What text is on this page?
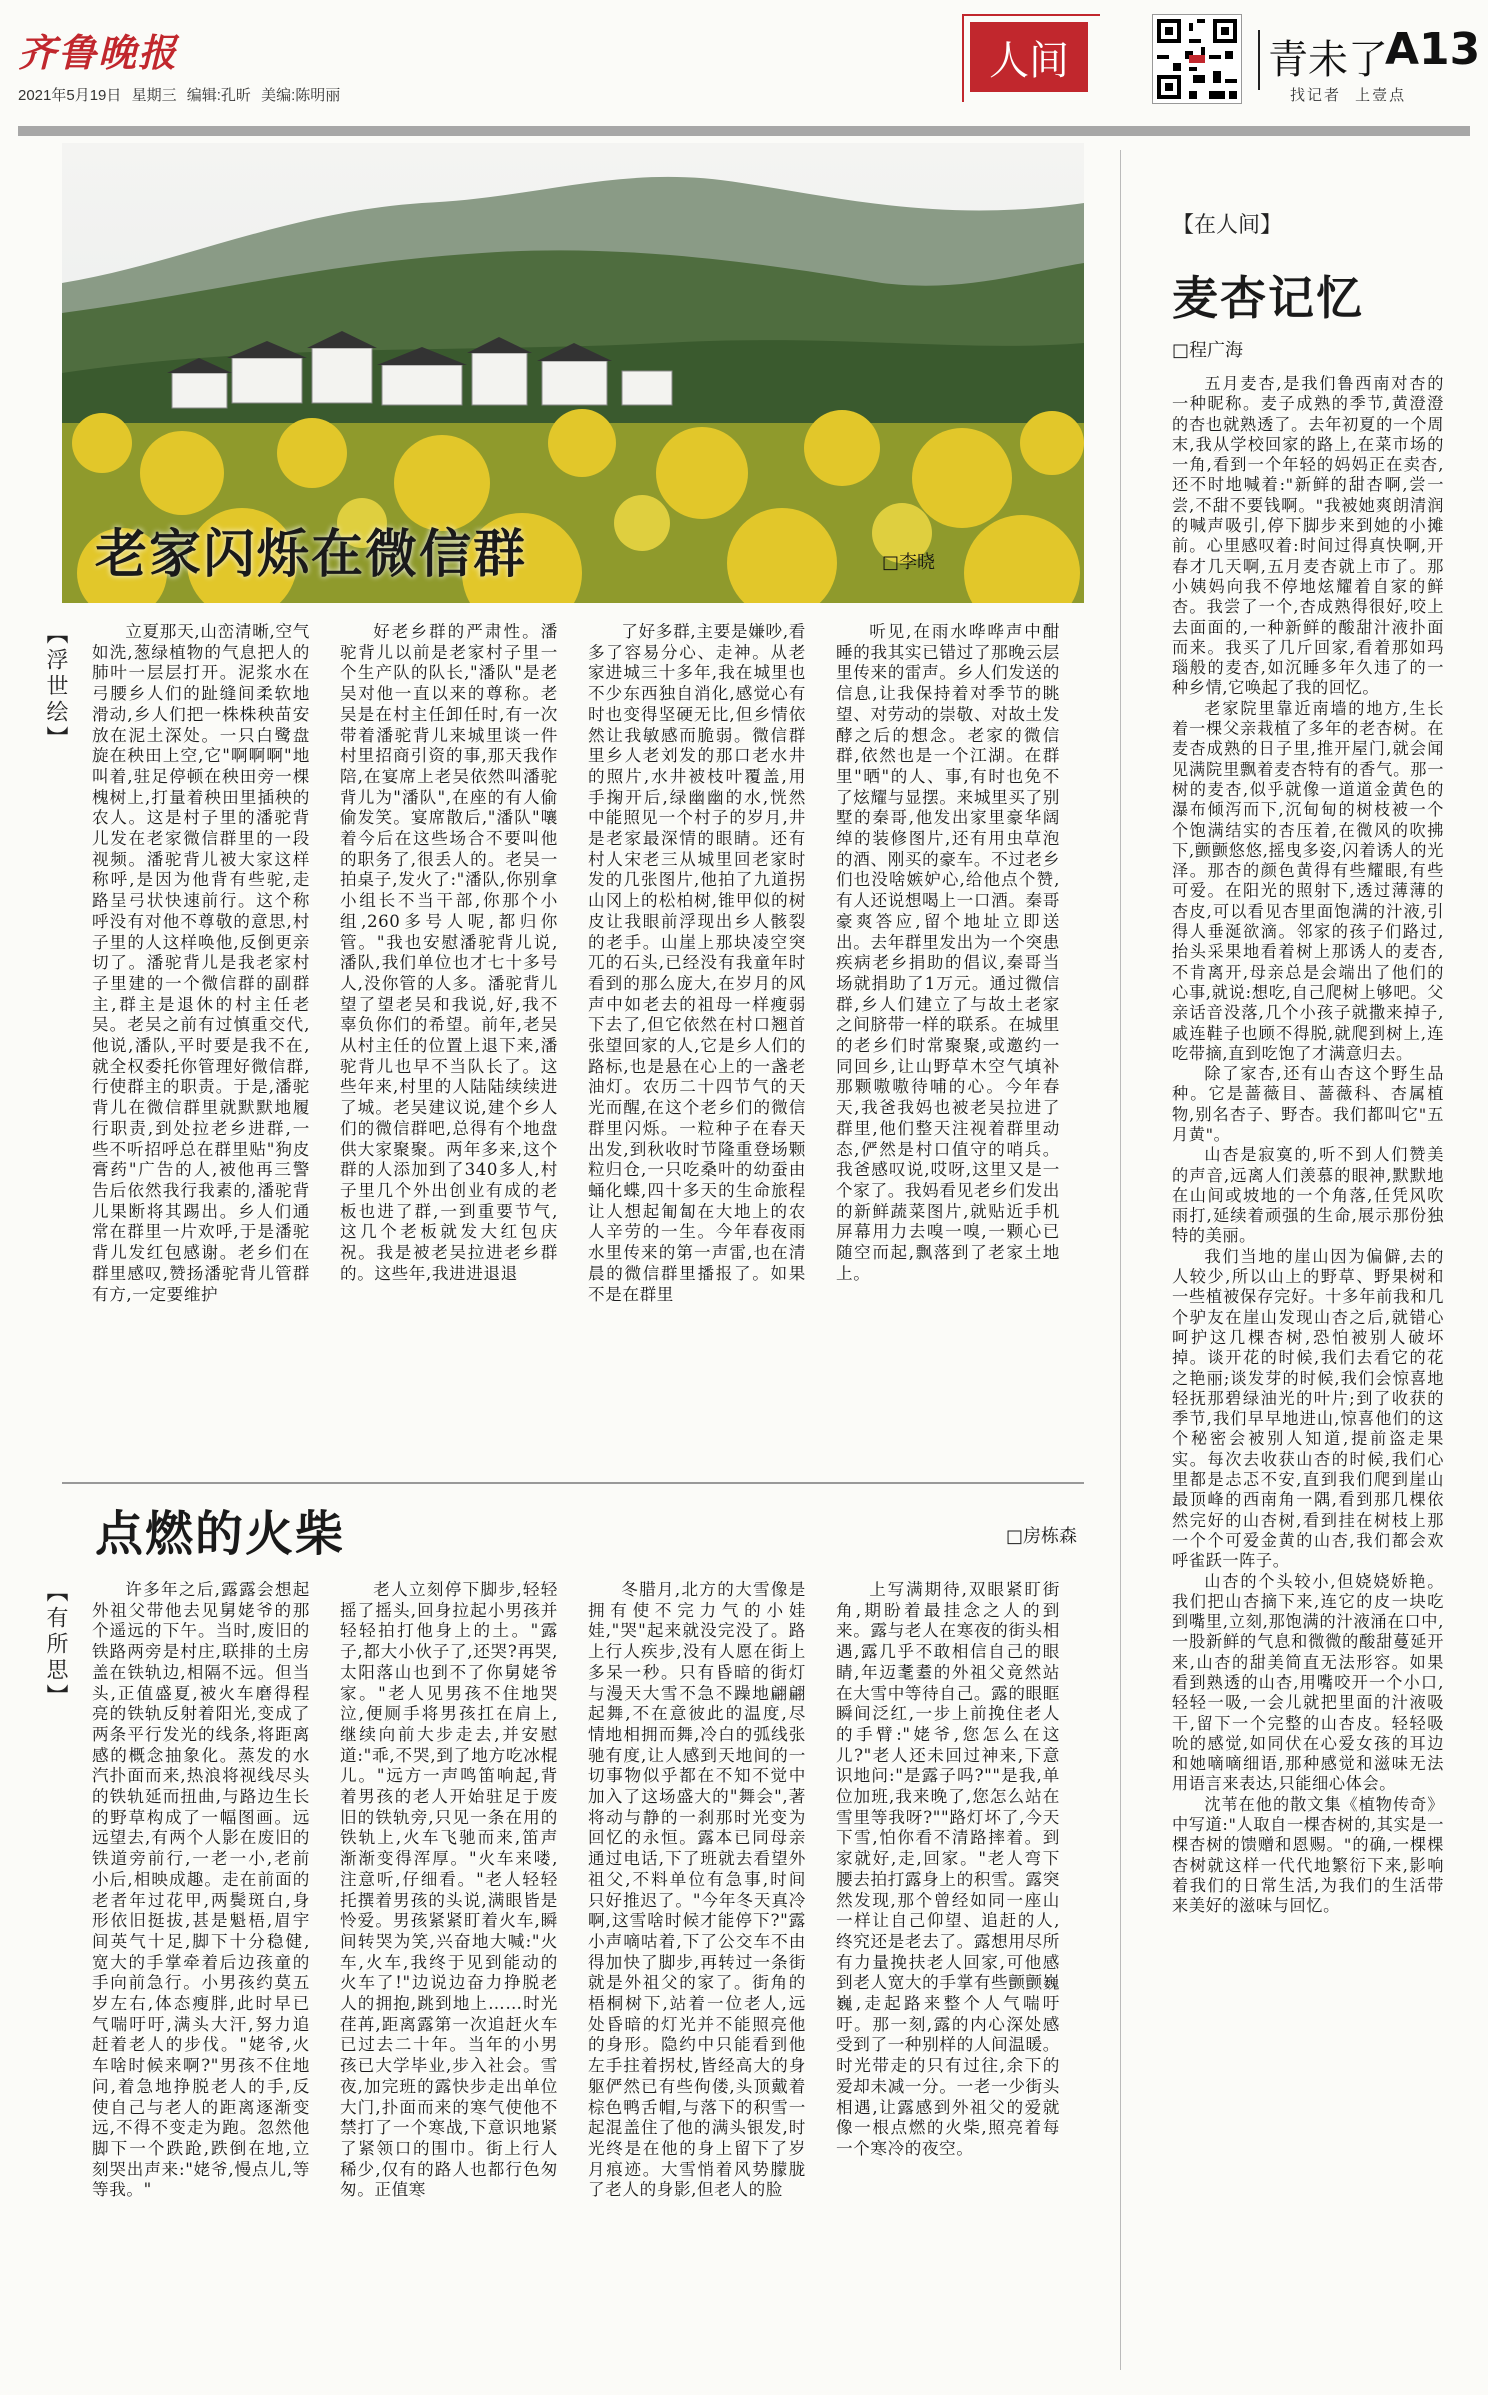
齐鲁晚报
2021年5月19日 星期三 编辑:孔昕 美编:陈明丽
人间	青未了
A13
找记者 上壹点
老家闪烁在微信群	□李晓
【浮世绘】	立夏那天,山峦清晰,空气如洗,葱绿植物的气息把人的肺叶一层层打开。泥浆水在弓腰乡人们的趾缝间柔软地滑动,乡人们把一株株秧苗安放在泥土深处。一只白鹭盘旋在秧田上空,它"啊啊啊"地叫着,驻足停顿在秧田旁一棵槐树上,打量着秧田里插秧的农人。这是村子里的潘驼背儿发在老家微信群里的一段视频。潘驼背儿被大家这样称呼,是因为他背有些驼,走路呈弓状快速前行。这个称呼没有对他不尊敬的意思,村子里的人这样唤他,反倒更亲切了。潘驼背儿是我老家村子里建的一个微信群的副群主,群主是退休的村主任老吴。老吴之前有过慎重交代,他说,潘队,平时要是我不在,就全权委托你管理好微信群,行使群主的职责。于是,潘驼背儿在微信群里就默默地履行职责,到处拉老乡进群,一些不听招呼总在群里贴"狗皮膏药"广告的人,被他再三警告后依然我行我素的,潘驼背儿果断将其踢出。乡人们通常在群里一片欢呼,于是潘驼背儿发红包感谢。老乡们在群里感叹,赞扬潘驼背儿管群有方,一定要维护

好老乡群的严肃性。潘驼背儿以前是老家村子里一个生产队的队长,"潘队"是老吴对他一直以来的尊称。老吴是在村主任卸任时,有一次带着潘驼背儿来城里谈一件村里招商引资的事,那天我作陪,在宴席上老吴依然叫潘驼背儿为"潘队",在座的有人偷偷发笑。宴席散后,"潘队"嚷着今后在这些场合不要叫他的职务了,很丢人的。老吴一拍桌子,发火了:"潘队,你别拿小组长不当干部,你那个小组,260多号人呢,都归你管。"我也安慰潘驼背儿说,潘队,我们单位也才七十多号人,没你管的人多。潘驼背儿望了望老吴和我说,好,我不辜负你们的希望。前年,老吴从村主任的位置上退下来,潘驼背儿也早不当队长了。这些年来,村里的人陆陆续续进了城。老吴建议说,建个乡人们的微信群吧,总得有个地盘供大家聚聚。两年多来,这个群的人添加到了340多人,村子里几个外出创业有成的老板也进了群,一到重要节气,这几个老板就发大红包庆祝。我是被老吴拉进老乡群的。这些年,我进进退退

了好多群,主要是嫌吵,看多了容易分心、走神。从老家进城三十多年,我在城里也不少东西独自消化,感觉心有时也变得坚硬无比,但乡情依然让我敏感而脆弱。微信群里乡人老刘发的那口老水井的照片,水井被枝叶覆盖,用手掬开后,绿幽幽的水,恍然中能照见一个村子的岁月,井是老家最深情的眼睛。还有村人宋老三从城里回老家时发的几张图片,他拍了九道拐山冈上的松柏树,锥甲似的树皮让我眼前浮现出乡人骸裂的老手。山崖上那块凌空突兀的石头,已经没有我童年时看到的那么庞大,在岁月的风声中如老去的祖母一样瘦弱下去了,但它依然在村口翘首张望回家的人,它是乡人们的路标,也是悬在心上的一盏老油灯。农历二十四节气的天光而醒,在这个老乡们的微信群里闪烁。一粒种子在春天出发,到秋收时节隆重登场颗粒归仓,一只吃桑叶的幼蚕由蛹化蝶,四十多天的生命旅程让人想起匍匐在大地上的农人辛劳的一生。今年春夜雨水里传来的第一声雷,也在清晨的微信群里播报了。如果不是在群里

听见,在雨水哗哗声中酣睡的我其实已错过了那晚云层里传来的雷声。乡人们发送的信息,让我保持着对季节的眺望、对劳动的崇敬、对故土发酵之后的想念。老家的微信群,依然也是一个江湖。在群里"晒"的人、事,有时也免不了炫耀与显摆。来城里买了别墅的秦哥,他发出家里豪华阔绰的装修图片,还有用虫草泡的酒、刚买的豪车。不过老乡们也没啥嫉妒心,给他点个赞,有人还说想喝上一口酒。秦哥豪爽答应,留个地址立即送出。去年群里发出为一个突患疾病老乡捐助的倡议,秦哥当场就捐助了1万元。通过微信群,乡人们建立了与故土老家之间脐带一样的联系。在城里的老乡们时常聚聚,或邀约一同回乡,让山野草木空气填补那颗嗷嗷待哺的心。今年春天,我爸我妈也被老吴拉进了群里,他们整天注视着群里动态,俨然是村口值守的哨兵。我爸感叹说,哎呀,这里又是一个家了。我妈看见老乡们发出的新鲜蔬菜图片,就贴近手机屏幕用力去嗅一嗅,一颗心已随空而起,飘落到了老家土地上。

点燃的火柴	□房栋森
【有所思】	许多年之后,露露会想起外祖父带他去见舅姥爷的那个遥远的下午。当时,废旧的铁路两旁是村庄,联排的土房盖在铁轨边,相隔不远。但当头,正值盛夏,被火车磨得程亮的铁轨反射着阳光,变成了两条平行发光的线条,将距离感的概念抽象化。蒸发的水汽扑面而来,热浪将视线尽头的铁轨延而扭曲,与路边生长的野草构成了一幅图画。远远望去,有两个人影在废旧的铁道旁前行,一老一小,老前小后,相映成趣。走在前面的老者年过花甲,两鬓斑白,身形依旧挺拔,甚是魁梧,眉宇间英气十足,脚下十分稳健,宽大的手掌牵着后边孩童的手向前急行。小男孩约莫五岁左右,体态瘦胖,此时早已气喘吁吁,满头大汗,努力追赶着老人的步伐。"姥爷,火车啥时候来啊?"男孩不住地问,着急地挣脱老人的手,反使自己与老人的距离逐渐变远,不得不变走为跑。忽然他脚下一个跌跄,跌倒在地,立刻哭出声来:"姥爷,慢点儿,等等我。"

老人立刻停下脚步,轻轻摇了摇头,回身拉起小男孩并轻轻拍打他身上的土。"露子,都大小伙子了,还哭?再哭,太阳落山也到不了你舅姥爷家。"老人见男孩不住地哭泣,便厕手将男孩扛在肩上,继续向前大步走去,并安慰道:"乖,不哭,到了地方吃冰棍儿。"远方一声鸣笛响起,背着男孩的老人开始驻足于废旧的铁轨旁,只见一条在用的铁轨上,火车飞驰而来,笛声渐渐变得浑厚。"火车来喽,注意听,仔细看。"老人轻轻托撰着男孩的头说,满眼皆是怜爱。男孩紧紧盯着火车,瞬间转哭为笑,兴奋地大喊:"火车,火车,我终于见到能动的火车了!"边说边奋力挣脱老人的拥抱,跳到地上……时光荏苒,距离露第一次追赶火车已过去二十年。当年的小男孩已大学毕业,步入社会。雪夜,加完班的露快步走出单位大门,扑面而来的寒气使他不禁打了一个寒战,下意识地紧了紧领口的围巾。街上行人稀少,仅有的路人也都行色匆匆。正值寒

冬腊月,北方的大雪像是拥有使不完力气的小娃娃,"哭"起来就没完没了。路上行人疾步,没有人愿在街上多呆一秒。只有昏暗的街灯与漫天大雪不急不躁地翩翩起舞,不在意彼此的温度,尽情地相拥而舞,冷白的弧线张驰有度,让人感到天地间的一切事物似乎都在不知不觉中加入了这场盛大的"舞会",著将动与静的一刹那时光变为回忆的永恒。露本已同母亲通过电话,下了班就去看望外祖父,不料单位有急事,时间只好推迟了。"今年冬天真冷啊,这雪啥时候才能停下?"露小声嘀咕着,下了公交车不由得加快了脚步,再转过一条街就是外祖父的家了。街角的梧桐树下,站着一位老人,远处昏暗的灯光并不能照亮他的身形。隐约中只能看到他左手拄着拐杖,皆经高大的身躯俨然已有些佝偻,头顶戴着棕色鸭舌帽,与落下的积雪一起混盖住了他的满头银发,时光终是在他的身上留下了岁月痕迹。大雪悄着风势朦胧了老人的身影,但老人的脸

上写满期待,双眼紧盯街角,期盼着最挂念之人的到来。露与老人在寒夜的街头相遇,露几乎不敢相信自己的眼睛,年迈耄耋的外祖父竟然站在大雪中等待自己。露的眼眶瞬间泛红,一步上前挽住老人的手臂:"姥爷,您怎么在这儿?"老人还未回过神来,下意识地问:"是露子吗?""是我,单位加班,我来晚了,您怎么站在雪里等我呀?""路灯坏了,今天下雪,怕你看不清路摔着。到家就好,走,回家。"老人弯下腰去拍打露身上的积雪。露突然发现,那个曾经如同一座山一样让自己仰望、追赶的人,终究还是老去了。露想用尽所有力量挽扶老人回家,可他感到老人宽大的手掌有些颤颤巍巍,走起路来整个人气喘吁吁。那一刻,露的内心深处感受到了一种别样的人间温暖。时光带走的只有过往,余下的爱却未减一分。一老一少街头相遇,让露感到外祖父的爱就像一根点燃的火柴,照亮着每一个寒冷的夜空。

【在人间】
麦杏记忆
□程广海

五月麦杏,是我们鲁西南对杏的一种昵称。麦子成熟的季节,黄澄澄的杏也就熟透了。去年初夏的一个周末,我从学校回家的路上,在菜市场的一角,看到一个年轻的妈妈正在卖杏,还不时地喊着:"新鲜的甜杏啊,尝一尝,不甜不要钱啊。"我被她爽朗清润的喊声吸引,停下脚步来到她的小摊前。心里感叹着:时间过得真快啊,开春才几天啊,五月麦杏就上市了。那小姨妈向我不停地炫耀着自家的鲜杏。我尝了一个,杏成熟得很好,咬上去面面的,一种新鲜的酸甜汁液扑面而来。我买了几斤回家,看着那如玛瑙般的麦杏,如沉睡多年久违了的一种乡情,它唤起了我的回忆。

老家院里靠近南墙的地方,生长着一棵父亲栽植了多年的老杏树。在麦杏成熟的日子里,推开屋门,就会闻见满院里飘着麦杏特有的香气。那一树的麦杏,似乎就像一道道金黄色的瀑布倾泻而下,沉甸甸的树枝被一个个饱满结实的杏压着,在微风的吹拂下,颤颤悠悠,摇曳多姿,闪着诱人的光泽。那杏的颜色黄得有些耀眼,有些可爱。在阳光的照射下,透过薄薄的杏皮,可以看见杏里面饱满的汁液,引得人垂涎欲滴。邻家的孩子们路过,抬头采果地看着树上那诱人的麦杏,不肯离开,母亲总是会端出了他们的心事,就说:想吃,自己爬树上够吧。父亲话音没落,几个小孩子就撒来掉子,戚连鞋子也顾不得脱,就爬到树上,连吃带摘,直到吃饱了才满意归去。

除了家杏,还有山杏这个野生品种。它是蔷薇目、蔷薇科、杏属植物,别名杏子、野杏。我们都叫它"五月黄"。

山杏是寂寞的,听不到人们赞美的声音,远离人们羡慕的眼神,默默地在山间或坡地的一个角落,任凭风吹雨打,延续着顽强的生命,展示那份独特的美丽。

我们当地的崖山因为偏僻,去的人较少,所以山上的野草、野果树和一些植被保存完好。十多年前我和几个驴友在崖山发现山杏之后,就错心呵护这几棵杏树,恐怕被别人破坏掉。谈开花的时候,我们去看它的花之艳丽;谈发芽的时候,我们会惊喜地轻抚那碧绿油光的叶片;到了收获的季节,我们早早地进山,惊喜他们的这个秘密会被别人知道,提前盗走果实。每次去收获山杏的时候,我们心里都是忐忑不安,直到我们爬到崖山最顶峰的西南角一隅,看到那几棵依然完好的山杏树,看到挂在树枝上那一个个可爱金黄的山杏,我们都会欢呼雀跃一阵子。

山杏的个头较小,但娆娆娇艳。我们把山杏摘下来,连它的皮一块吃到嘴里,立刻,那饱满的汁液涌在口中,一股新鲜的气息和微微的酸甜蔓延开来,山杏的甜美简直无法形容。如果看到熟透的山杏,用嘴咬开一个小口,轻轻一吸,一会儿就把里面的汁液吸干,留下一个完整的山杏皮。轻轻吸吮的感觉,如同伏在心爱女孩的耳边和她嘀嘀细语,那种感觉和滋味无法用语言来表达,只能细心体会。

沈苇在他的散文集《植物传奇》中写道:"人取自一棵杏树的,其实是一棵杏树的馈赠和恩赐。"的确,一棵棵杏树就这样一代代地繁衍下来,影响着我们的日常生活,为我们的生活带来美好的滋味与回忆。
